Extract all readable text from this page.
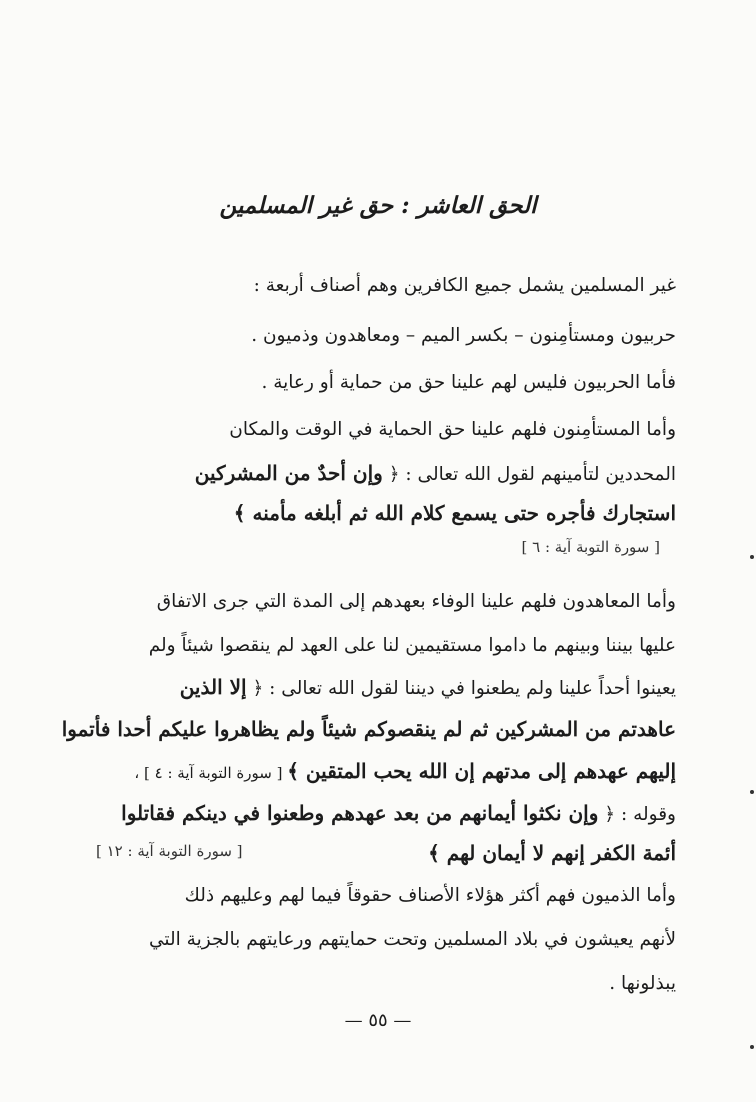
الحق العاشر : حق غير المسلمين
غير المسلمين يشمل جميع الكافرين وهم أصناف أربعة :
حربيون ومستأمِنون – بكسر الميم – ومعاهدون وذميون .
فأما الحربيون فليس لهم علينا حق من حماية أو رعاية .
وأما المستأمِنون فلهم علينا حق الحماية في الوقت والمكان
المحددين لتأمينهم لقول الله تعالى : ﴿ وإن أحدٌ من المشركين
استجارك فأجره حتى يسمع كلام الله ثم أبلغه مأمنه ﴾
[ سورة التوبة آية : ٦ ]
وأما المعاهدون فلهم علينا الوفاء بعهدهم إلى المدة التي جرى الاتفاق
عليها بيننا وبينهم ما داموا مستقيمين لنا على العهد لم ينقصوا شيئاً ولم
يعينوا أحداً علينا ولم يطعنوا في ديننا لقول الله تعالى : ﴿ إلا الذين
عاهدتم من المشركين ثم لم ينقصوكم شيئاً ولم يظاهروا عليكم أحدا فأتموا
إليهم عهدهم إلى مدتهم إن الله يحب المتقين ﴾ [ سورة التوبة آية : ٤ ] ،
وقوله : ﴿ وإن نكثوا أيمانهم من بعد عهدهم وطعنوا في دينكم فقاتلوا
أئمة الكفر إنهم لا أيمان لهم ﴾
[ سورة التوبة آية : ١٢ ]
وأما الذميون فهم أكثر هؤلاء الأصناف حقوقاً فيما لهم وعليهم ذلك
لأنهم يعيشون في بلاد المسلمين وتحت حمايتهم ورعايتهم بالجزية التي
يبذلونها .
— ٥٥ —
